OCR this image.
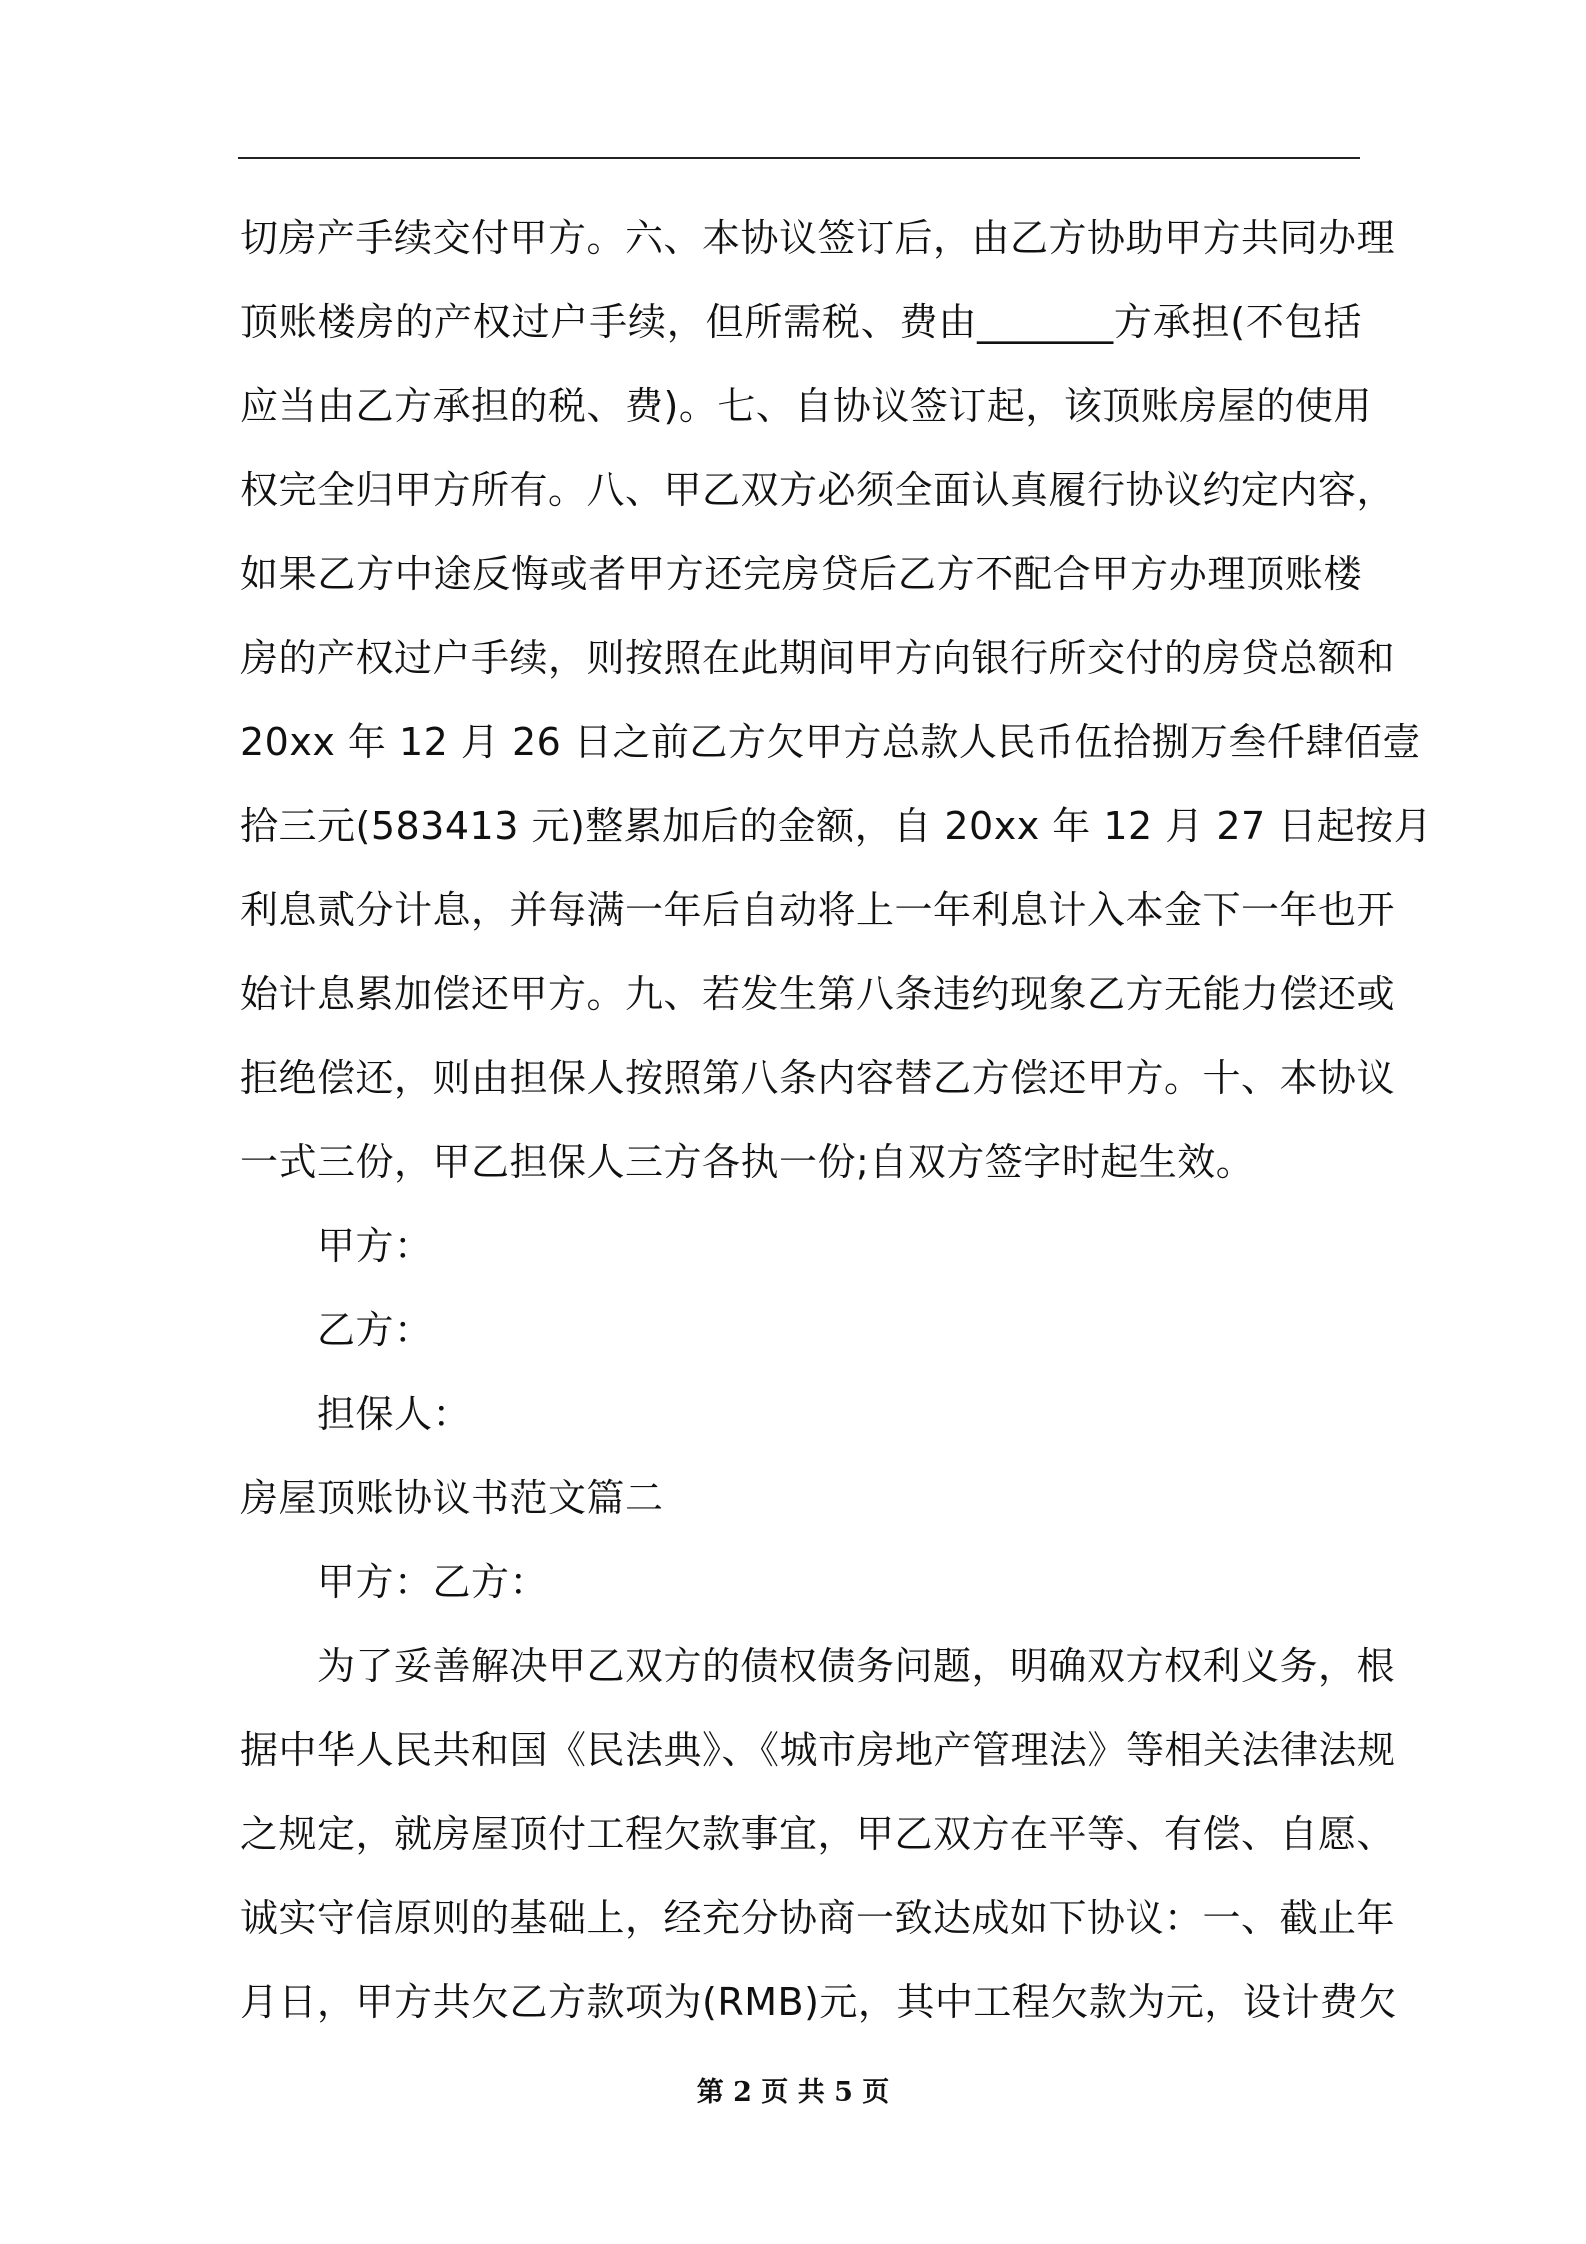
切房产手续交付甲方。六、本协议签订后，由乙方协助甲方共同办理
顶账楼房的产权过户手续，但所需税、费由_______方承担(不包括
应当由乙方承担的税、费)。七、自协议签订起，该顶账房屋的使用
权完全归甲方所有。八、甲乙双方必须全面认真履行协议约定内容，
如果乙方中途反悔或者甲方还完房贷后乙方不配合甲方办理顶账楼
房的产权过户手续，则按照在此期间甲方向银行所交付的房贷总额和
20xx 年 12 月 26 日之前乙方欠甲方总款人民币伍拾捌万叁仟肆佰壹
拾三元(583413 元)整累加后的金额，自 20xx 年 12 月 27 日起按月
利息贰分计息，并每满一年后自动将上一年利息计入本金下一年也开
始计息累加偿还甲方。九、若发生第八条违约现象乙方无能力偿还或
拒绝偿还，则由担保人按照第八条内容替乙方偿还甲方。十、本协议
一式三份，甲乙担保人三方各执一份;自双方签字时起生效。
甲方：
乙方：
担保人：
房屋顶账协议书范文篇二
甲方：乙方：
为了妥善解决甲乙双方的债权债务问题，明确双方权利义务，根
据中华人民共和国《民法典》、《城市房地产管理法》等相关法律法规
之规定，就房屋顶付工程欠款事宜，甲乙双方在平等、有偿、自愿、
诚实守信原则的基础上，经充分协商一致达成如下协议：一、截止年
月日，甲方共欠乙方款项为(RMB)元，其中工程欠款为元，设计费欠
第 2 页 共 5 页
